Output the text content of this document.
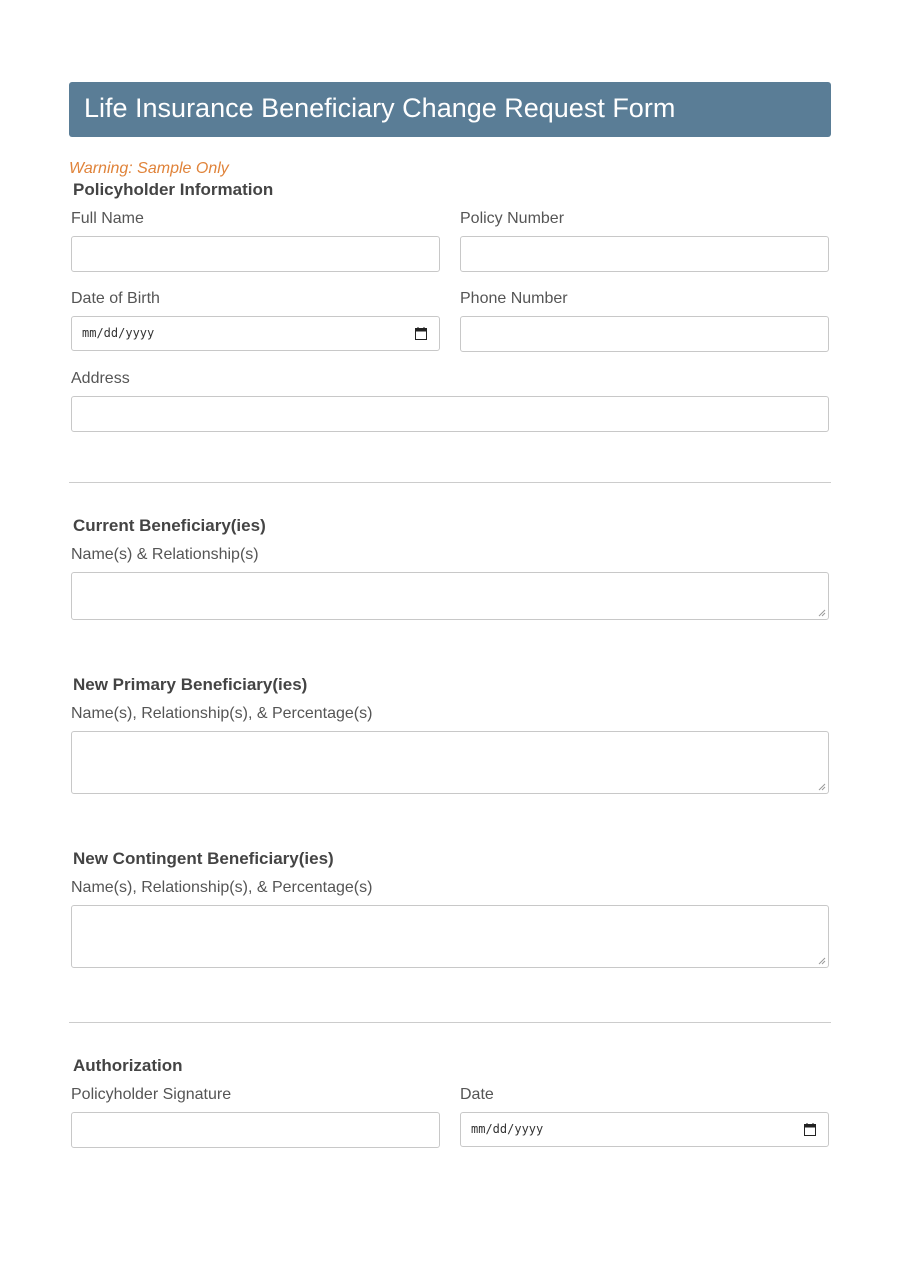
Life Insurance Beneficiary Change Request Form
Warning: Sample Only
Policyholder Information
Full Name	Policy Number
Date of Birth
mm/dd/yyyy
Phone Number
Address
Current Beneficiary(ies)
Name(s) & Relationship(s)
New Primary Beneficiary(ies)
Name(s), Relationship(s), & Percentage(s)
New Contingent Beneficiary(ies)
Name(s), Relationship(s), & Percentage(s)
Authorization
Policyholder Signature	Date
mm/dd/yyyy
